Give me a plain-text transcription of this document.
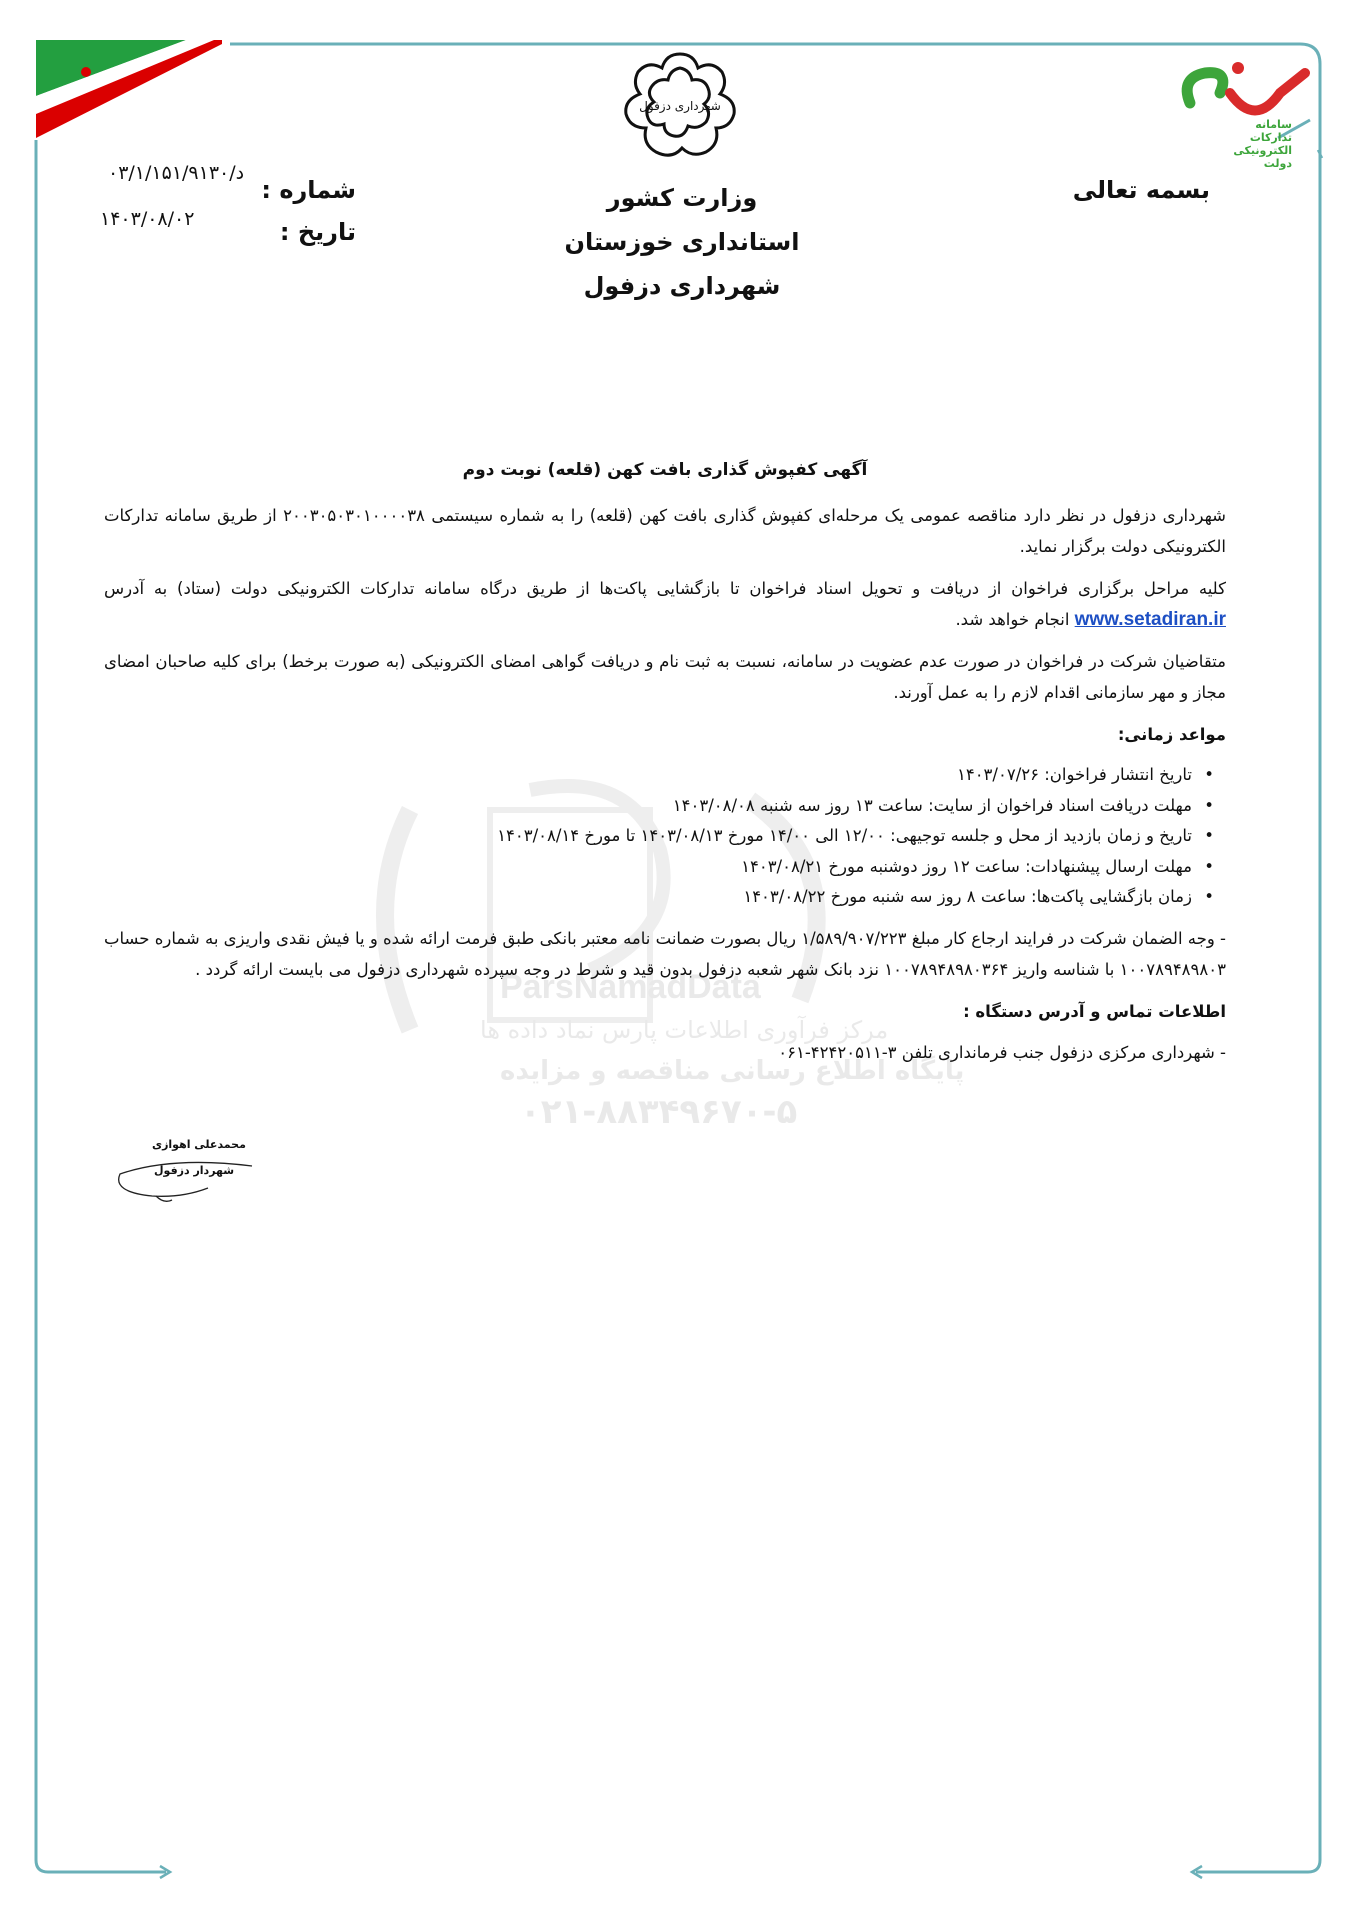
سامانه
تدارکات
الکترونیکی
دولت
شهرداری دزفول
بسمه تعالی
وزارت کشور
استانداری خوزستان
شهرداری دزفول
شماره :
تاریخ :
۰۳/۱/۱۵۱/۹۱۳۰/د
۱۴۰۳/۰۸/۰۲
ParsNamadData
مرکز فرآوری اطلاعات پارس نماد داده ها
پایگاه اطلاع رسانی مناقصه و مزایده
۰۲۱-۸۸۳۴۹۶۷۰-۵
آگهی کفپوش گذاری بافت کهن (قلعه) نوبت دوم

شهرداری دزفول در نظر دارد مناقصه عمومی یک مرحله‌ای کفپوش گذاری بافت کهن (قلعه) را به شماره سیستمی ۲۰۰۳۰۵۰۳۰۱۰۰۰۰۳۸ از طریق سامانه تدارکات الکترونیکی دولت برگزار نماید.

کلیه مراحل برگزاری فراخوان از دریافت و تحویل اسناد فراخوان تا بازگشایی پاکت‌ها از طریق درگاه سامانه تدارکات الکترونیکی دولت (ستاد) به آدرس www.setadiran.ir انجام خواهد شد.

متقاضیان شرکت در فراخوان در صورت عدم عضویت در سامانه، نسبت به ثبت نام و دریافت گواهی امضای الکترونیکی (به صورت برخط) برای کلیه صاحبان امضای مجاز و مهر سازمانی اقدام لازم را به عمل آورند.

مواعد زمانی:
• تاریخ انتشار فراخوان: ۱۴۰۳/۰۷/۲۶
• مهلت دریافت اسناد فراخوان از سایت: ساعت ۱۳ روز سه شنبه ۱۴۰۳/۰۸/۰۸
• تاریخ و زمان بازدید از محل و جلسه توجیهی: ۱۲/۰۰ الی ۱۴/۰۰ مورخ ۱۴۰۳/۰۸/۱۳ تا مورخ ۱۴۰۳/۰۸/۱۴
• مهلت ارسال پیشنهادات: ساعت ۱۲ روز دوشنبه مورخ ۱۴۰۳/۰۸/۲۱
• زمان بازگشایی پاکت‌ها: ساعت ۸ روز سه شنبه مورخ ۱۴۰۳/۰۸/۲۲

- وجه الضمان شرکت در فرایند ارجاع کار مبلغ ۱/۵۸۹/۹۰۷/۲۲۳ ریال بصورت ضمانت نامه معتبر بانکی طبق فرمت ارائه شده و یا فیش نقدی واریزی به شماره حساب ۱۰۰۷۸۹۴۸۹۸۰۳ با شناسه واریز ۱۰۰۷۸۹۴۸۹۸۰۳۶۴ نزد بانک شهر شعبه دزفول بدون قید و شرط در وجه سپرده شهرداری دزفول می بایست ارائه گردد .

اطلاعات تماس و آدرس دستگاه :

- شهرداری مرکزی دزفول جنب فرمانداری تلفن ۳-۴۲۴۲۰۵۱۱-۰۶۱

محمدعلی اهوازی
شهردار دزفول
